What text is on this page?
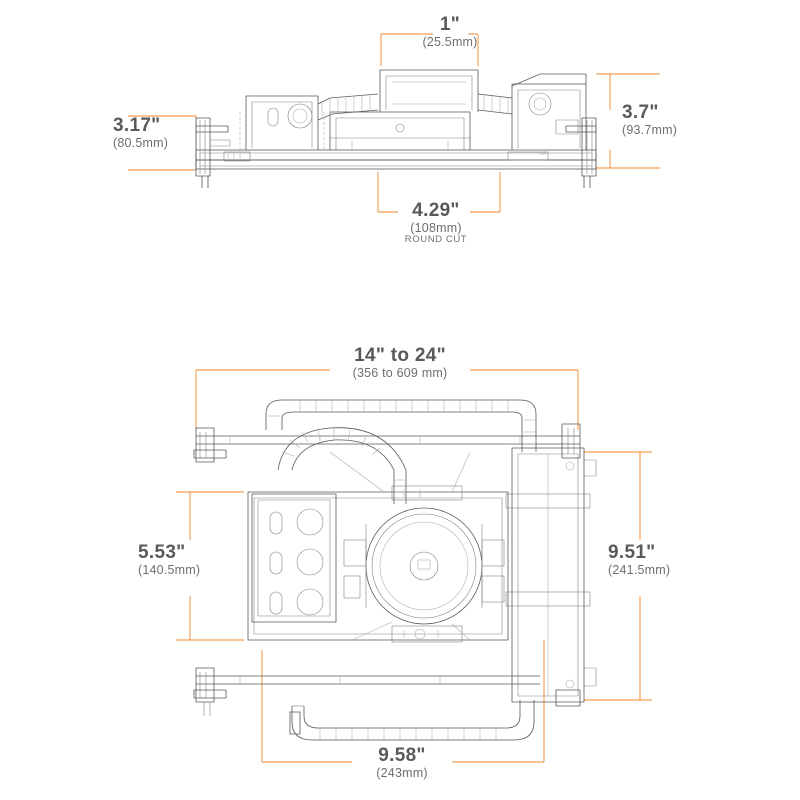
1"
(25.5mm)
3.17"
(80.5mm)
3.7"
(93.7mm)
4.29"
(108mm)
ROUND CUT
14" to 24"
(356 to 609 mm)
5.53"
(140.5mm)
9.51"
(241.5mm)
9.58"
(243mm)
